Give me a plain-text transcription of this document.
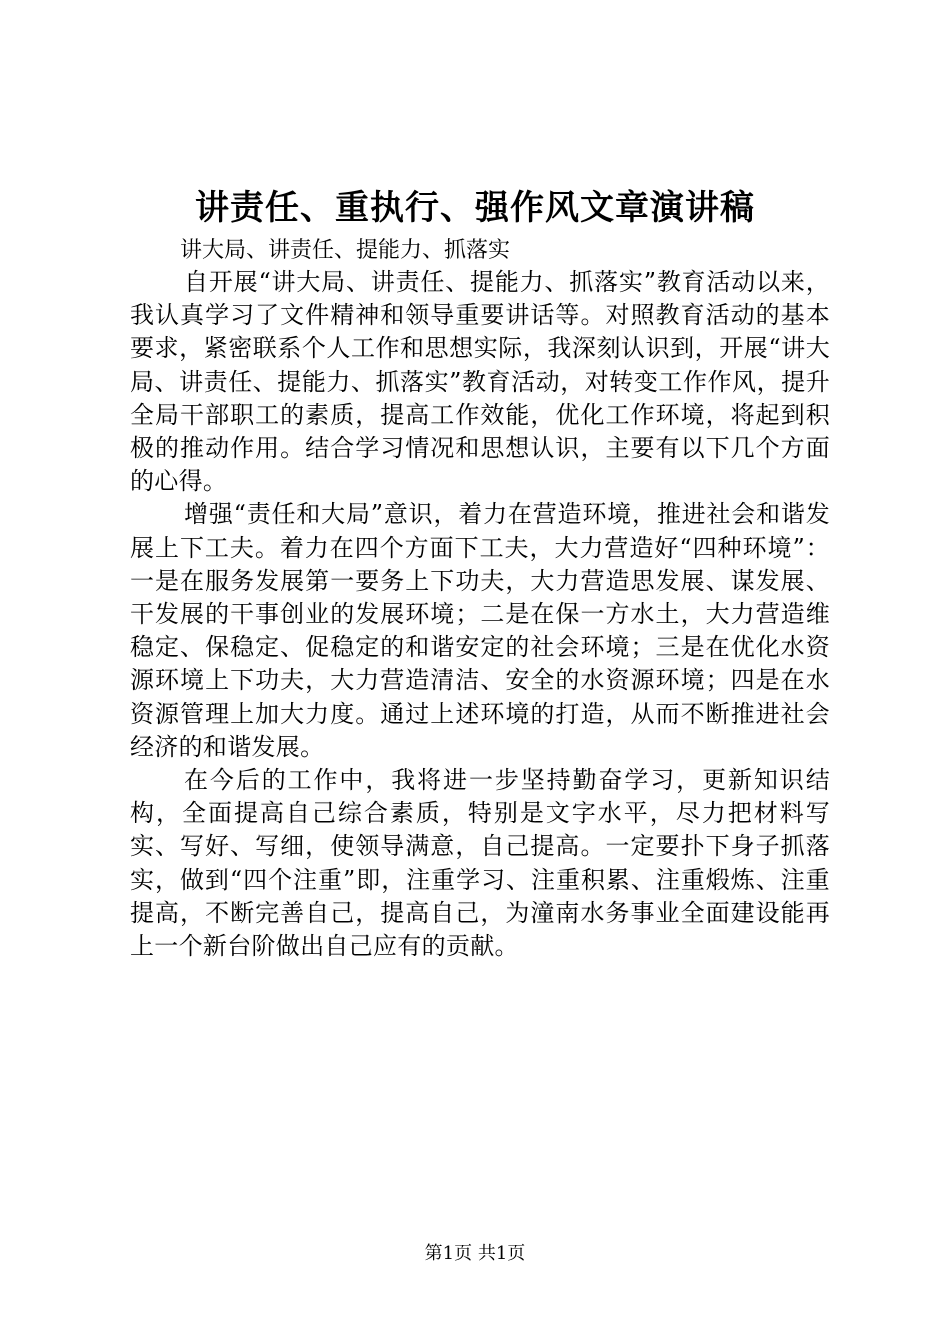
讲责任、重执行、强作风文章演讲稿

讲大局、讲责任、提能力、抓落实

自开展“讲大局、讲责任、提能力、抓落实”教育活动以来，我认真学习了文件精神和领导重要讲话等。对照教育活动的基本要求，紧密联系个人工作和思想实际，我深刻认识到，开展“讲大局、讲责任、提能力、抓落实”教育活动，对转变工作作风，提升全局干部职工的素质，提高工作效能，优化工作环境，将起到积极的推动作用。结合学习情况和思想认识，主要有以下几个方面的心得。

增强“责任和大局”意识，着力在营造环境，推进社会和谐发展上下工夫。着力在四个方面下工夫，大力营造好“四种环境”：一是在服务发展第一要务上下功夫，大力营造思发展、谋发展、干发展的干事创业的发展环境；二是在保一方水土，大力营造维稳定、保稳定、促稳定的和谐安定的社会环境；三是在优化水资源环境上下功夫，大力营造清洁、安全的水资源环境；四是在水资源管理上加大力度。通过上述环境的打造，从而不断推进社会经济的和谐发展。

在今后的工作中，我将进一步坚持勤奋学习，更新知识结构，全面提高自己综合素质，特别是文字水平，尽力把材料写实、写好、写细，使领导满意，自己提高。一定要扑下身子抓落实，做到“四个注重”即，注重学习、注重积累、注重煅炼、注重提高，不断完善自己，提高自己，为潼南水务事业全面建设能再上一个新台阶做出自己应有的贡献。

第1页 共1页
